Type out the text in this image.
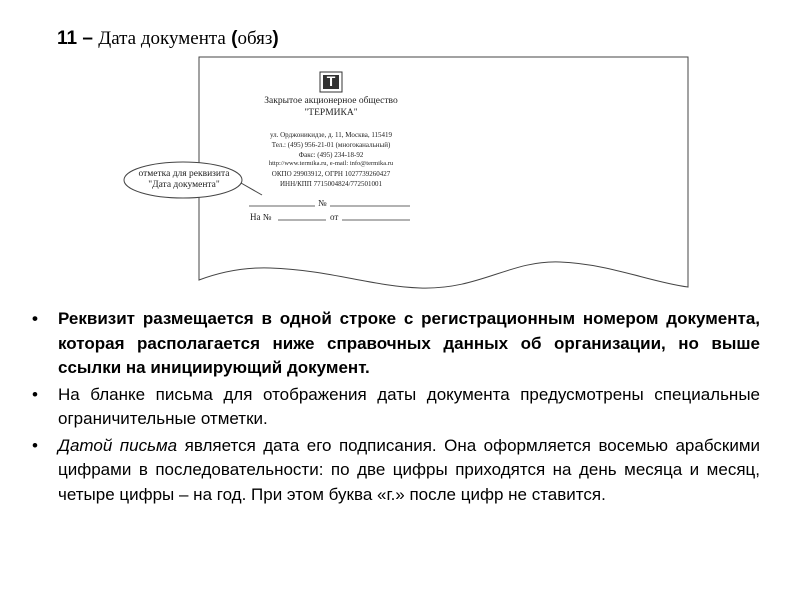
11 – Дата документа (обяз)
Т
Закрытое акционерное общество
"ТЕРМИКА"
ул. Орджоникидзе, д. 11, Москва, 115419
Тел.: (495) 956-21-01 (многоканальный)
Факс: (495) 234-18-92
http://www.termika.ru, e-mail: info@termika.ru
ОКПО 29903912, ОГРН 1027739260427
ИНН/КПП 7715004824/772501001
№
На №	от
отметка для реквизита
"Дата документа"
• Реквизит размещается в одной строке с регистрационным номером документа, которая располагается ниже справочных данных об организации, но выше ссылки на инициирующий документ.
• На бланке письма для отображения даты документа предусмотрены специальные ограничительные отметки.
• Датой письма является дата его подписания. Она оформляется восемью арабскими цифрами в последовательности: по две цифры приходятся на день месяца и месяц, четыре цифры – на год. При этом буква «г.» после цифр не ставится.
